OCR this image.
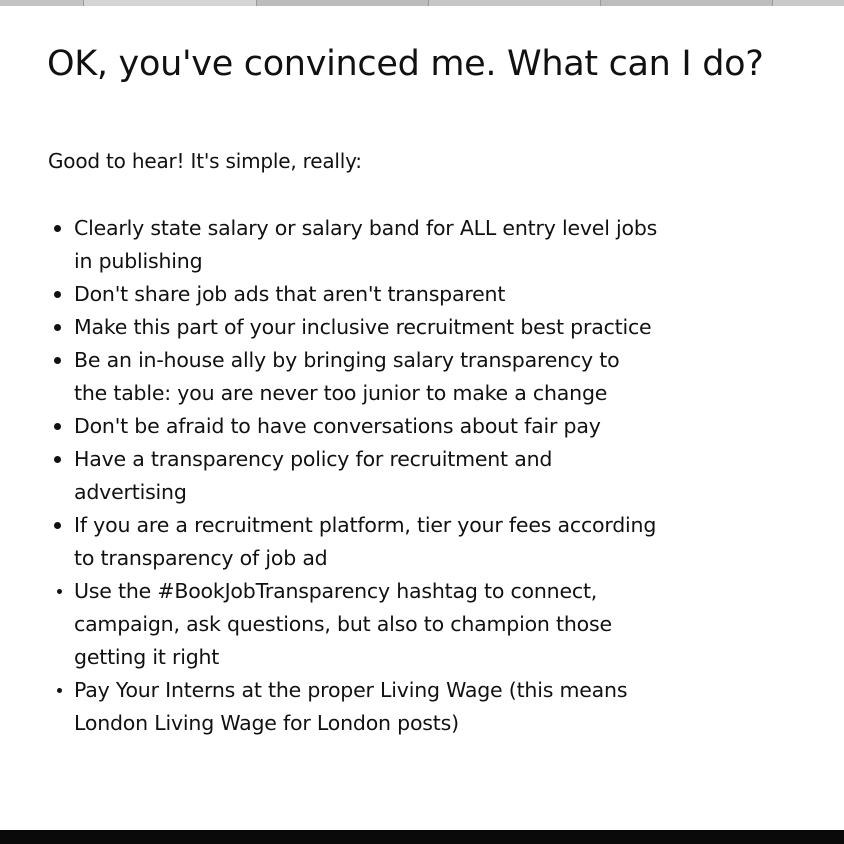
OK, you've convinced me. What can I do?

Good to hear! It's simple, really:

Clearly state salary or salary band for ALL entry level jobs in publishing
Don't share job ads that aren't transparent
Make this part of your inclusive recruitment best practice
Be an in-house ally by bringing salary transparency to the table: you are never too junior to make a change
Don't be afraid to have conversations about fair pay
Have a transparency policy for recruitment and advertising
If you are a recruitment platform, tier your fees according to transparency of job ad
Use the #BookJobTransparency hashtag to connect, campaign, ask questions, but also to champion those getting it right
Pay Your Interns at the proper Living Wage (this means London Living Wage for London posts)
